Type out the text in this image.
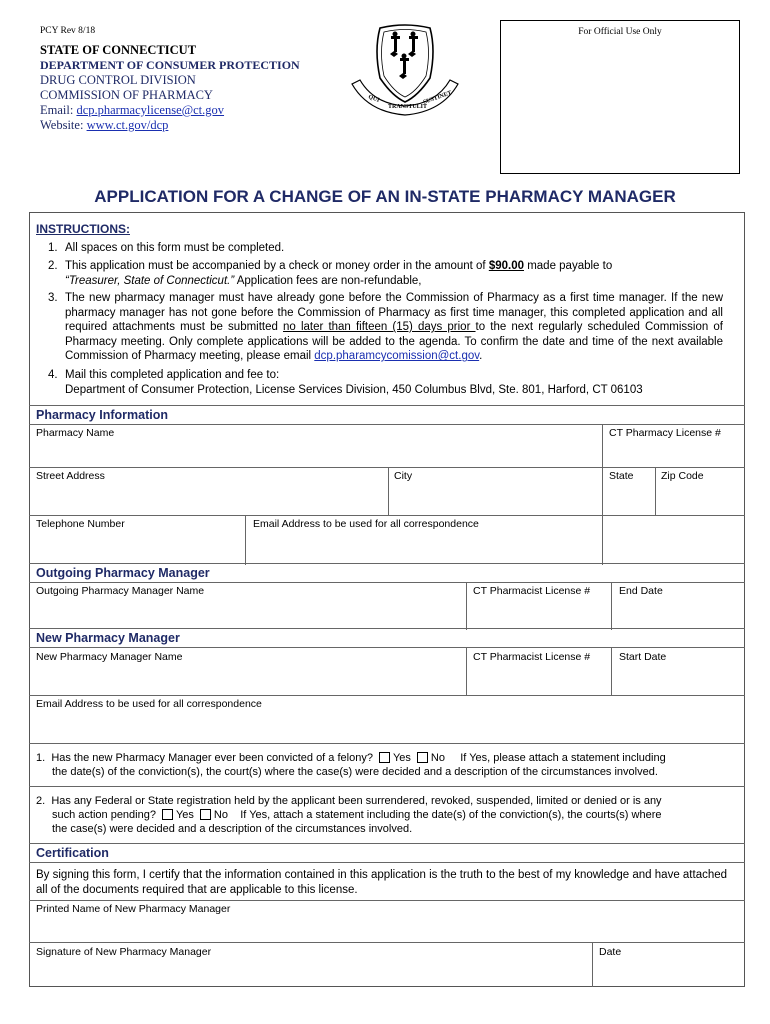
PCY Rev 8/18
STATE OF CONNECTICUT
DEPARTMENT OF CONSUMER PROTECTION
DRUG CONTROL DIVISION
COMMISSION OF PHARMACY
Email: dcp.pharmacylicense@ct.gov
Website: www.ct.gov/dcp
QUI
TRANSTULIT
SUSTINET
For Official Use Only
APPLICATION FOR A CHANGE OF AN IN-STATE PHARMACY MANAGER
INSTRUCTIONS:
1. All spaces on this form must be completed.
2. This application must be accompanied by a check or money order in the amount of $90.00 made payable to
“Treasurer, State of Connecticut.” Application fees are non-refundable,
3. The new pharmacy manager must have already gone before the Commission of Pharmacy as a first time manager. If the new pharmacy manager has not gone before the Commission of Pharmacy as first time manager, this completed application and all required attachments must be submitted no later than fifteen (15) days prior to the next regularly scheduled Commission of Pharmacy meeting. Only complete applications will be added to the agenda. To confirm the date and time of the next available Commission of Pharmacy meeting, please email dcp.pharamcycomission@ct.gov.
4. Mail this completed application and fee to:
Department of Consumer Protection, License Services Division, 450 Columbus Blvd, Ste. 801, Harford, CT 06103
Pharmacy Information
Pharmacy Name	CT Pharmacy License #
Street Address	City	State	Zip Code
Telephone Number	Email Address to be used for all correspondence
Outgoing Pharmacy Manager
Outgoing Pharmacy Manager Name	CT Pharmacist License #	End Date
New Pharmacy Manager
New Pharmacy Manager Name	CT Pharmacist License #	Start Date
Email Address to be used for all correspondence
1. Has the new Pharmacy Manager ever been convicted of a felony? Yes No If Yes, please attach a statement including
the date(s) of the conviction(s), the court(s) where the case(s) were decided and a description of the circumstances involved.
2. Has any Federal or State registration held by the applicant been surrendered, revoked, suspended, limited or denied or is any
such action pending? Yes No If Yes, attach a statement including the date(s) of the conviction(s), the courts(s) where
the case(s) were decided and a description of the circumstances involved.
Certification
By signing this form, I certify that the information contained in this application is the truth to the best of my knowledge and have attached all of the documents required that are applicable to this license.
Printed Name of New Pharmacy Manager
Signature of New Pharmacy Manager	Date
